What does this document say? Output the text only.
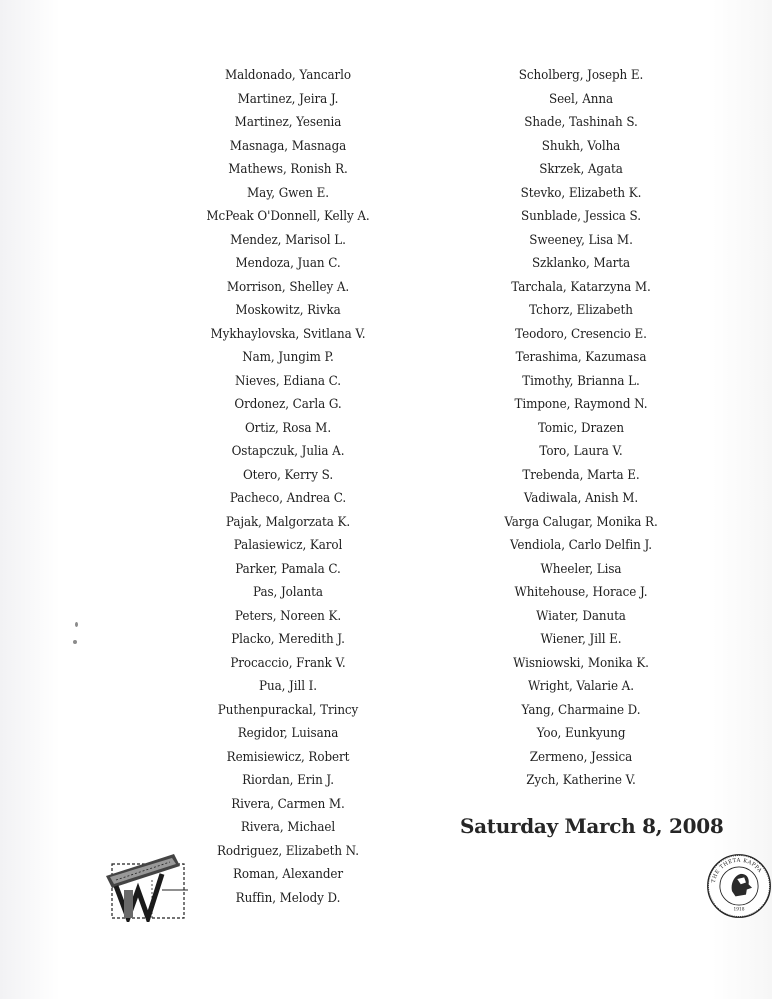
Maldonado, Yancarlo
Martinez, Jeira J.
Martinez, Yesenia
Masnaga, Masnaga
Mathews, Ronish R.
May, Gwen E.
McPeak O'Donnell, Kelly A.
Mendez, Marisol L.
Mendoza, Juan C.
Morrison, Shelley A.
Moskowitz, Rivka
Mykhaylovska, Svitlana V.
Nam, Jungim P.
Nieves, Ediana C.
Ordonez, Carla G.
Ortiz, Rosa M.
Ostapczuk, Julia A.
Otero, Kerry S.
Pacheco, Andrea C.
Pajak, Malgorzata K.
Palasiewicz, Karol
Parker, Pamala C.
Pas, Jolanta
Peters, Noreen K.
Placko, Meredith J.
Procaccio, Frank V.
Pua, Jill I.
Puthenpurackal, Trincy
Regidor, Luisana
Remisiewicz, Robert
Riordan, Erin J.
Rivera, Carmen M.
Rivera, Michael
Rodriguez, Elizabeth N.
Roman, Alexander
Ruffin, Melody D.
Scholberg, Joseph E.
Seel, Anna
Shade, Tashinah S.
Shukh, Volha
Skrzek, Agata
Stevko, Elizabeth K.
Sunblade, Jessica S.
Sweeney, Lisa M.
Szklanko, Marta
Tarchala, Katarzyna M.
Tchorz, Elizabeth
Teodoro, Cresencio E.
Terashima, Kazumasa
Timothy, Brianna L.
Timpone, Raymond N.
Tomic, Drazen
Toro, Laura V.
Trebenda, Marta E.
Vadiwala, Anish M.
Varga Calugar, Monika R.
Vendiola, Carlo Delfin J.
Wheeler, Lisa
Whitehouse, Horace J.
Wiater, Danuta
Wiener, Jill E.
Wisniowski, Monika K.
Wright, Valarie A.
Yang, Charmaine D.
Yoo, Eunkyung
Zermeno, Jessica
Zych, Katherine V.
Saturday March 8, 2008
THE THETA KAPPA
1918
